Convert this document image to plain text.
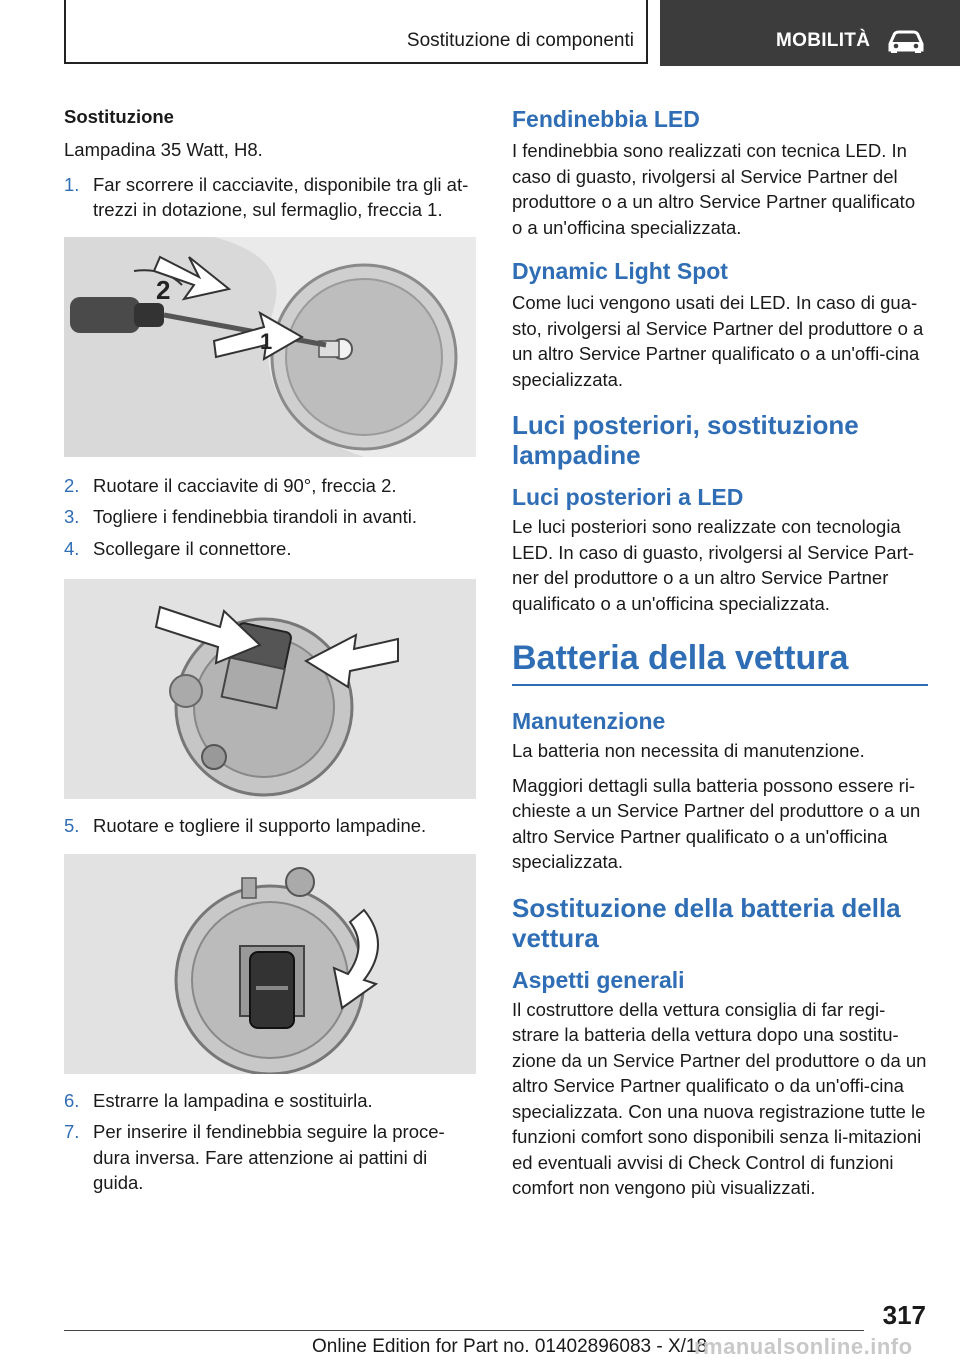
Sostituzione di componenti	MOBILITÀ

Sostituzione

Lampadina 35 Watt, H8.

1. Far scorrere il cacciavite, disponibile tra gli at-trezzi in dotazione, sul fermaglio, freccia 1.
2
1
2. Ruotare il cacciavite di 90°, freccia 2.
3. Togliere i fendinebbia tirandoli in avanti.
4. Scollegare il connettore.
5. Ruotare e togliere il supporto lampadine.
6. Estrarre la lampadina e sostituirla.
7. Per inserire il fendinebbia seguire la proce-dura inversa. Fare attenzione ai pattini di guida.

Fendinebbia LED

I fendinebbia sono realizzati con tecnica LED. In caso di guasto, rivolgersi al Service Partner del produttore o a un altro Service Partner qualificato o a un'officina specializzata.

Dynamic Light Spot

Come luci vengono usati dei LED. In caso di gua-sto, rivolgersi al Service Partner del produttore o a un altro Service Partner qualificato o a un'offi-cina specializzata.

Luci posteriori, sostituzione lampadine

Luci posteriori a LED

Le luci posteriori sono realizzate con tecnologia LED. In caso di guasto, rivolgersi al Service Part-ner del produttore o a un altro Service Partner qualificato o a un'officina specializzata.

Batteria della vettura

Manutenzione

La batteria non necessita di manutenzione.

Maggiori dettagli sulla batteria possono essere ri-chieste a un Service Partner del produttore o a un altro Service Partner qualificato o a un'officina specializzata.

Sostituzione della batteria della vettura

Aspetti generali

Il costruttore della vettura consiglia di far regi-strare la batteria della vettura dopo una sostitu-zione da un Service Partner del produttore o da un altro Service Partner qualificato o da un'offi-cina specializzata. Con una nuova registrazione tutte le funzioni comfort sono disponibili senza li-mitazioni ed eventuali avvisi di Check Control di funzioni comfort non vengono più visualizzati.

317
Online Edition for Part no. 01402896083 - X/18
rmanualsonline.info
